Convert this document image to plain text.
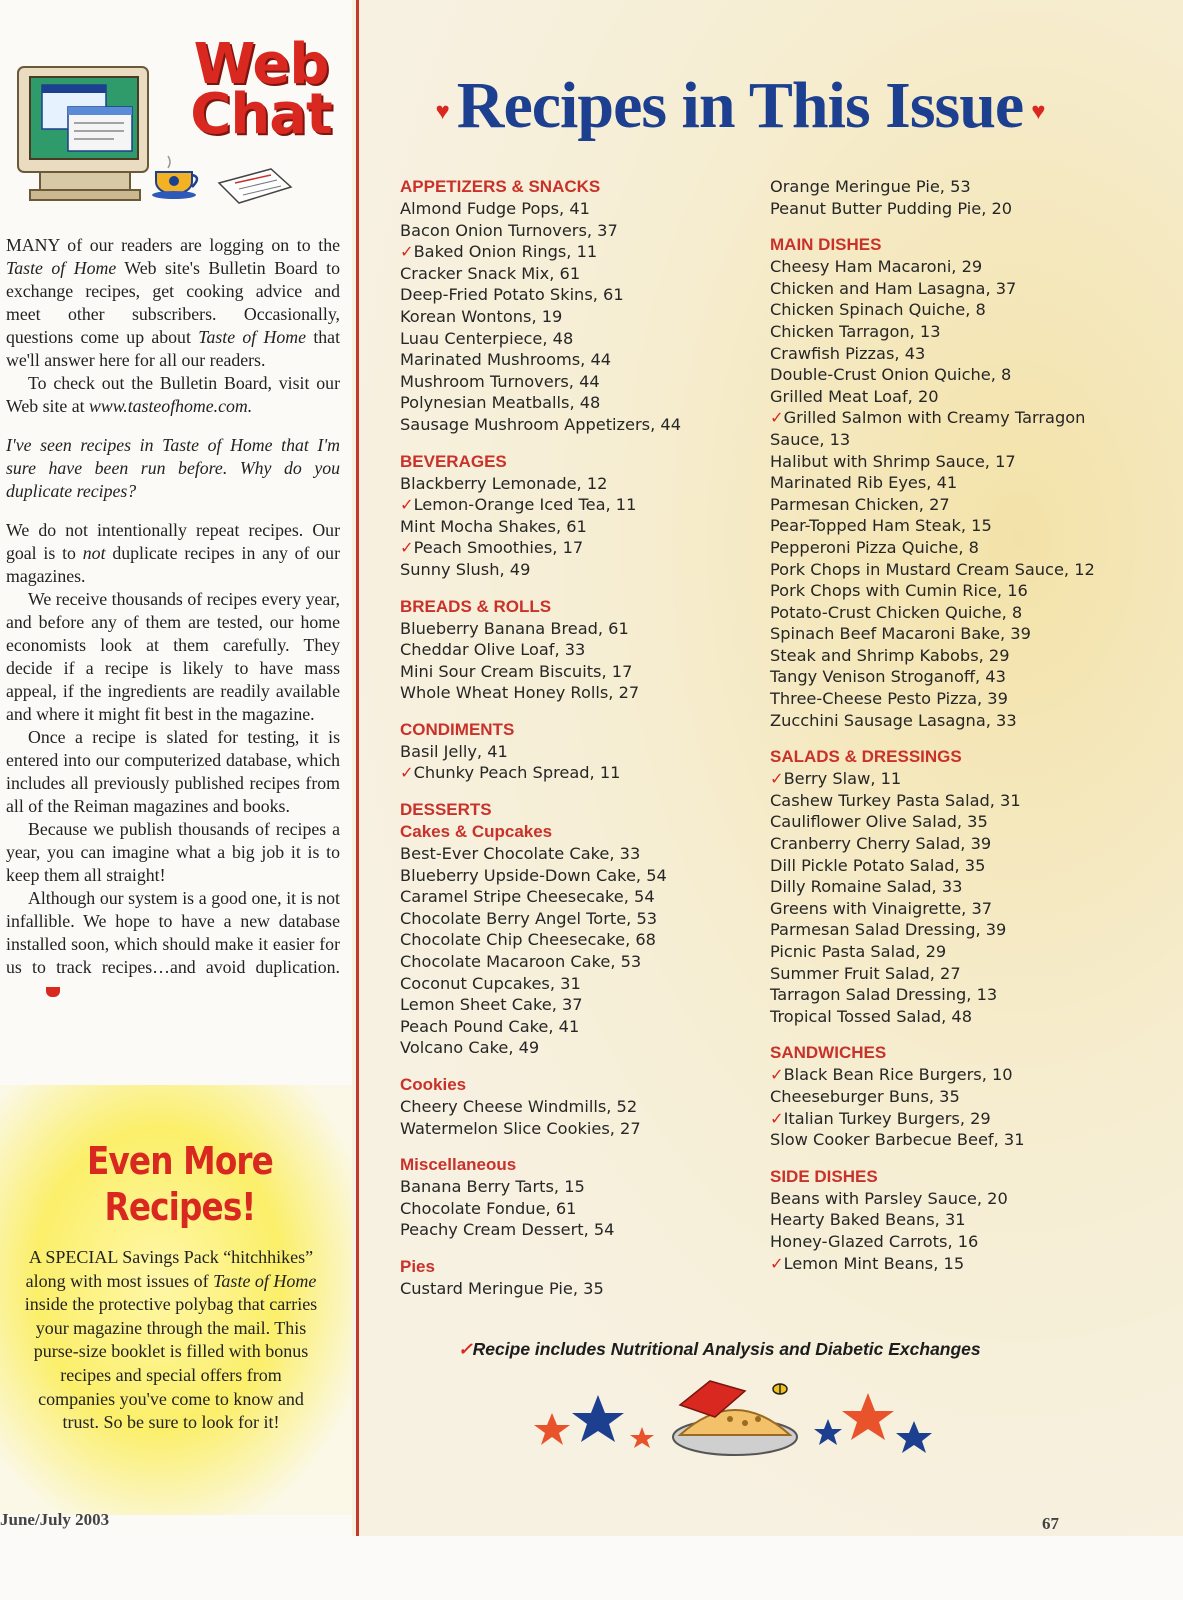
Web
Chat

MANY of our readers are logging on to the Taste of Home Web site's Bulletin Board to exchange recipes, get cooking advice and meet other subscribers. Occasionally, questions come up about Taste of Home that we'll answer here for all our readers.

To check out the Bulletin Board, visit our Web site at www.tasteofhome.com.

I've seen recipes in Taste of Home that I'm sure have been run before. Why do you duplicate recipes?

We do not intentionally repeat recipes. Our goal is to not duplicate recipes in any of our magazines.

We receive thousands of recipes every year, and before any of them are tested, our home economists look at them carefully. They decide if a recipe is likely to have mass appeal, if the ingredients are readily available and where it might fit best in the magazine.

Once a recipe is slated for testing, it is entered into our computerized database, which includes all previously published recipes from all of the Reiman magazines and books.

Because we publish thousands of recipes a year, you can imagine what a big job it is to keep them all straight!

Although our system is a good one, it is not infallible. We hope to have a new database installed soon, which should make it easier for us to track recipes…and avoid duplication.

Even More
Recipes!
A SPECIAL Savings Pack “hitchhikes” along with most issues of Taste of Home inside the protective polybag that carries your magazine through the mail. This purse-size booklet is filled with bonus recipes and special offers from companies you've come to know and trust. So be sure to look for it!
♥ Recipes in This Issue ♥
APPETIZERS & SNACKS
Almond Fudge Pops, 41
Bacon Onion Turnovers, 37
✓Baked Onion Rings, 11
Cracker Snack Mix, 61
Deep-Fried Potato Skins, 61
Korean Wontons, 19
Luau Centerpiece, 48
Marinated Mushrooms, 44
Mushroom Turnovers, 44
Polynesian Meatballs, 48
Sausage Mushroom Appetizers, 44
BEVERAGES
Blackberry Lemonade, 12
✓Lemon-Orange Iced Tea, 11
Mint Mocha Shakes, 61
✓Peach Smoothies, 17
Sunny Slush, 49
BREADS & ROLLS
Blueberry Banana Bread, 61
Cheddar Olive Loaf, 33
Mini Sour Cream Biscuits, 17
Whole Wheat Honey Rolls, 27
CONDIMENTS
Basil Jelly, 41
✓Chunky Peach Spread, 11
DESSERTS
Cakes & Cupcakes
Best-Ever Chocolate Cake, 33
Blueberry Upside-Down Cake, 54
Caramel Stripe Cheesecake, 54
Chocolate Berry Angel Torte, 53
Chocolate Chip Cheesecake, 68
Chocolate Macaroon Cake, 53
Coconut Cupcakes, 31
Lemon Sheet Cake, 37
Peach Pound Cake, 41
Volcano Cake, 49
Cookies
Cheery Cheese Windmills, 52
Watermelon Slice Cookies, 27
Miscellaneous
Banana Berry Tarts, 15
Chocolate Fondue, 61
Peachy Cream Dessert, 54
Pies
Custard Meringue Pie, 35
Orange Meringue Pie, 53
Peanut Butter Pudding Pie, 20
MAIN DISHES
Cheesy Ham Macaroni, 29
Chicken and Ham Lasagna, 37
Chicken Spinach Quiche, 8
Chicken Tarragon, 13
Crawfish Pizzas, 43
Double-Crust Onion Quiche, 8
Grilled Meat Loaf, 20
✓Grilled Salmon with Creamy Tarragon Sauce, 13
Halibut with Shrimp Sauce, 17
Marinated Rib Eyes, 41
Parmesan Chicken, 27
Pear-Topped Ham Steak, 15
Pepperoni Pizza Quiche, 8
Pork Chops in Mustard Cream Sauce, 12
Pork Chops with Cumin Rice, 16
Potato-Crust Chicken Quiche, 8
Spinach Beef Macaroni Bake, 39
Steak and Shrimp Kabobs, 29
Tangy Venison Stroganoff, 43
Three-Cheese Pesto Pizza, 39
Zucchini Sausage Lasagna, 33
SALADS & DRESSINGS
✓Berry Slaw, 11
Cashew Turkey Pasta Salad, 31
Cauliflower Olive Salad, 35
Cranberry Cherry Salad, 39
Dill Pickle Potato Salad, 35
Dilly Romaine Salad, 33
Greens with Vinaigrette, 37
Parmesan Salad Dressing, 39
Picnic Pasta Salad, 29
Summer Fruit Salad, 27
Tarragon Salad Dressing, 13
Tropical Tossed Salad, 48
SANDWICHES
✓Black Bean Rice Burgers, 10
Cheeseburger Buns, 35
✓Italian Turkey Burgers, 29
Slow Cooker Barbecue Beef, 31
SIDE DISHES
Beans with Parsley Sauce, 20
Hearty Baked Beans, 31
Honey-Glazed Carrots, 16
✓Lemon Mint Beans, 15
✓Recipe includes Nutritional Analysis and Diabetic Exchanges
June/July 2003	67
